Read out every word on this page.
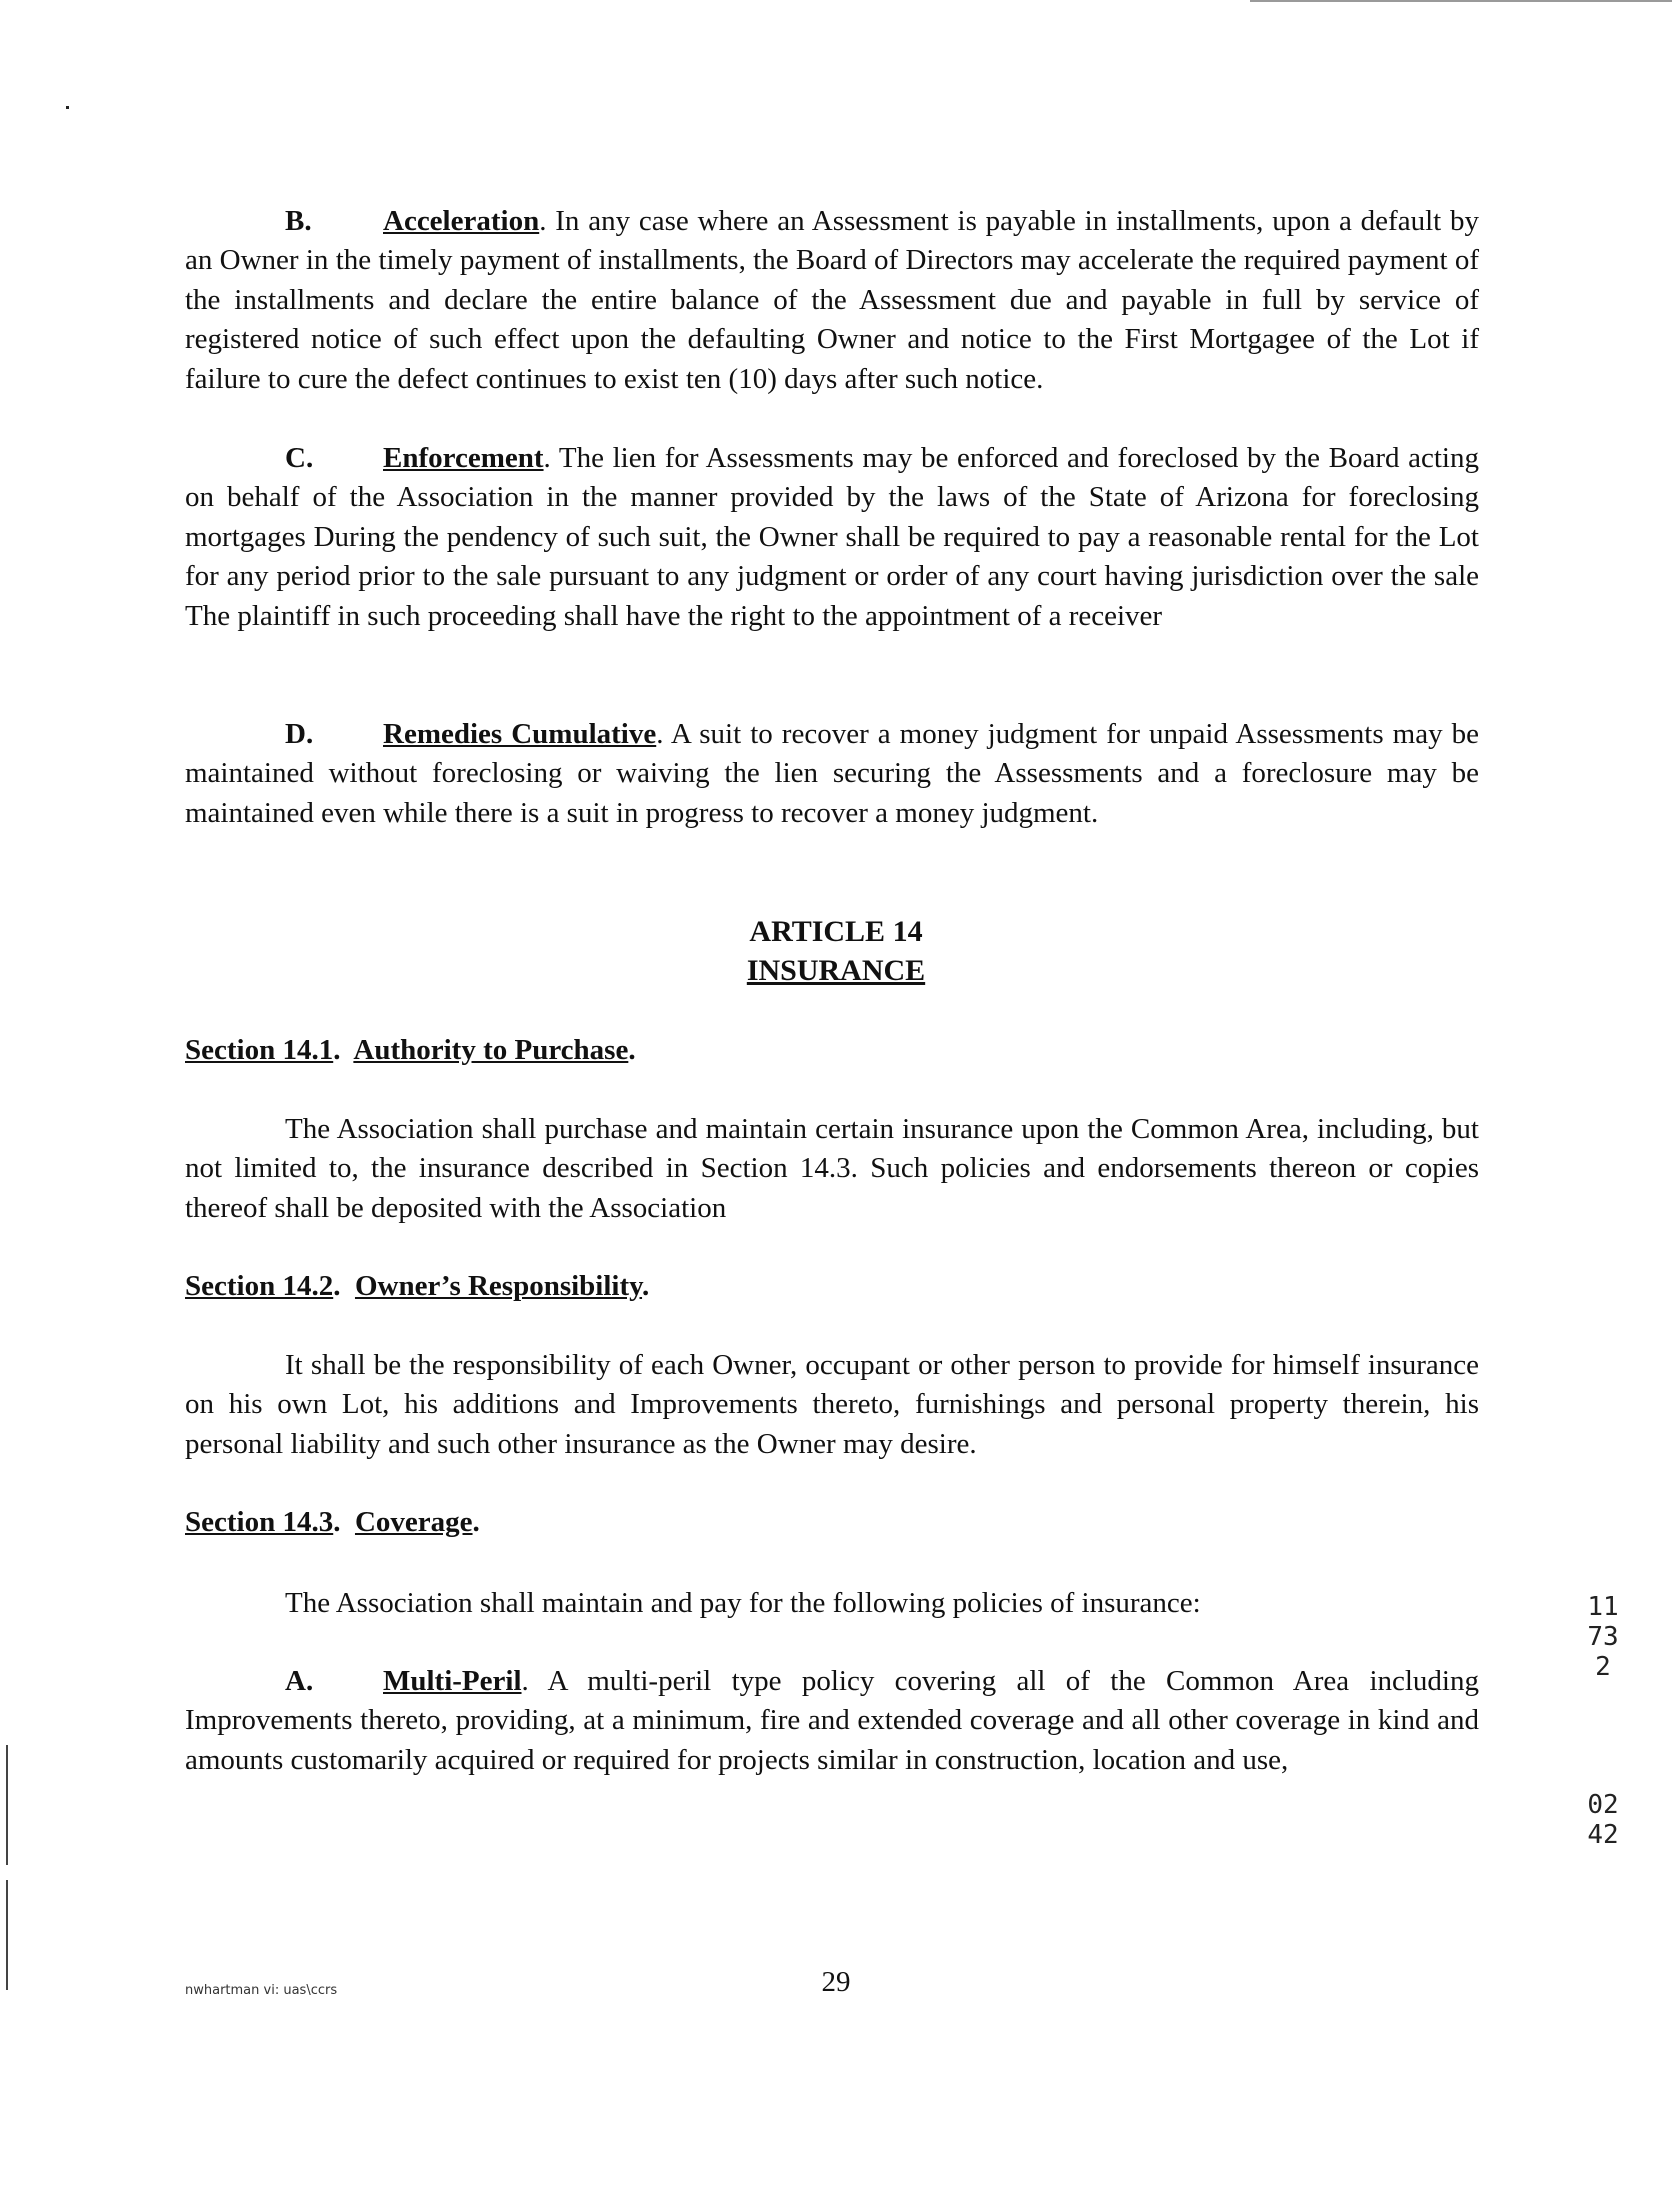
B. Acceleration. In any case where an Assessment is payable in installments, upon a default by an Owner in the timely payment of installments, the Board of Directors may accelerate the required payment of the installments and declare the entire balance of the Assessment due and payable in full by service of registered notice of such effect upon the defaulting Owner and notice to the First Mortgagee of the Lot if failure to cure the defect continues to exist ten (10) days after such notice.

C. Enforcement. The lien for Assessments may be enforced and foreclosed by the Board acting on behalf of the Association in the manner provided by the laws of the State of Arizona for foreclosing mortgages During the pendency of such suit, the Owner shall be required to pay a reasonable rental for the Lot for any period prior to the sale pursuant to any judgment or order of any court having jurisdiction over the sale The plaintiff in such proceeding shall have the right to the appointment of a receiver

D. Remedies Cumulative. A suit to recover a money judgment for unpaid Assessments may be maintained without foreclosing or waiving the lien securing the Assessments and a foreclosure may be maintained even while there is a suit in progress to recover a money judgment.

ARTICLE 14
INSURANCE

Section 14.1.  Authority to Purchase.

The Association shall purchase and maintain certain insurance upon the Common Area, including, but not limited to, the insurance described in Section 14.3. Such policies and endorsements thereon or copies thereof shall be deposited with the Association

Section 14.2.  Owner’s Responsibility.

It shall be the responsibility of each Owner, occupant or other person to provide for himself insurance on his own Lot, his additions and Improvements thereto, furnishings and personal property therein, his personal liability and such other insurance as the Owner may desire.

Section 14.3.  Coverage.

The Association shall maintain and pay for the following policies of insurance:

A. Multi-Peril. A multi-peril type policy covering all of the Common Area including Improvements thereto, providing, at a minimum, fire and extended coverage and all other coverage in kind and amounts customarily acquired or required for projects similar in construction, location and use,

11732
0242
nwhartman vi: uas\ccrs	29
